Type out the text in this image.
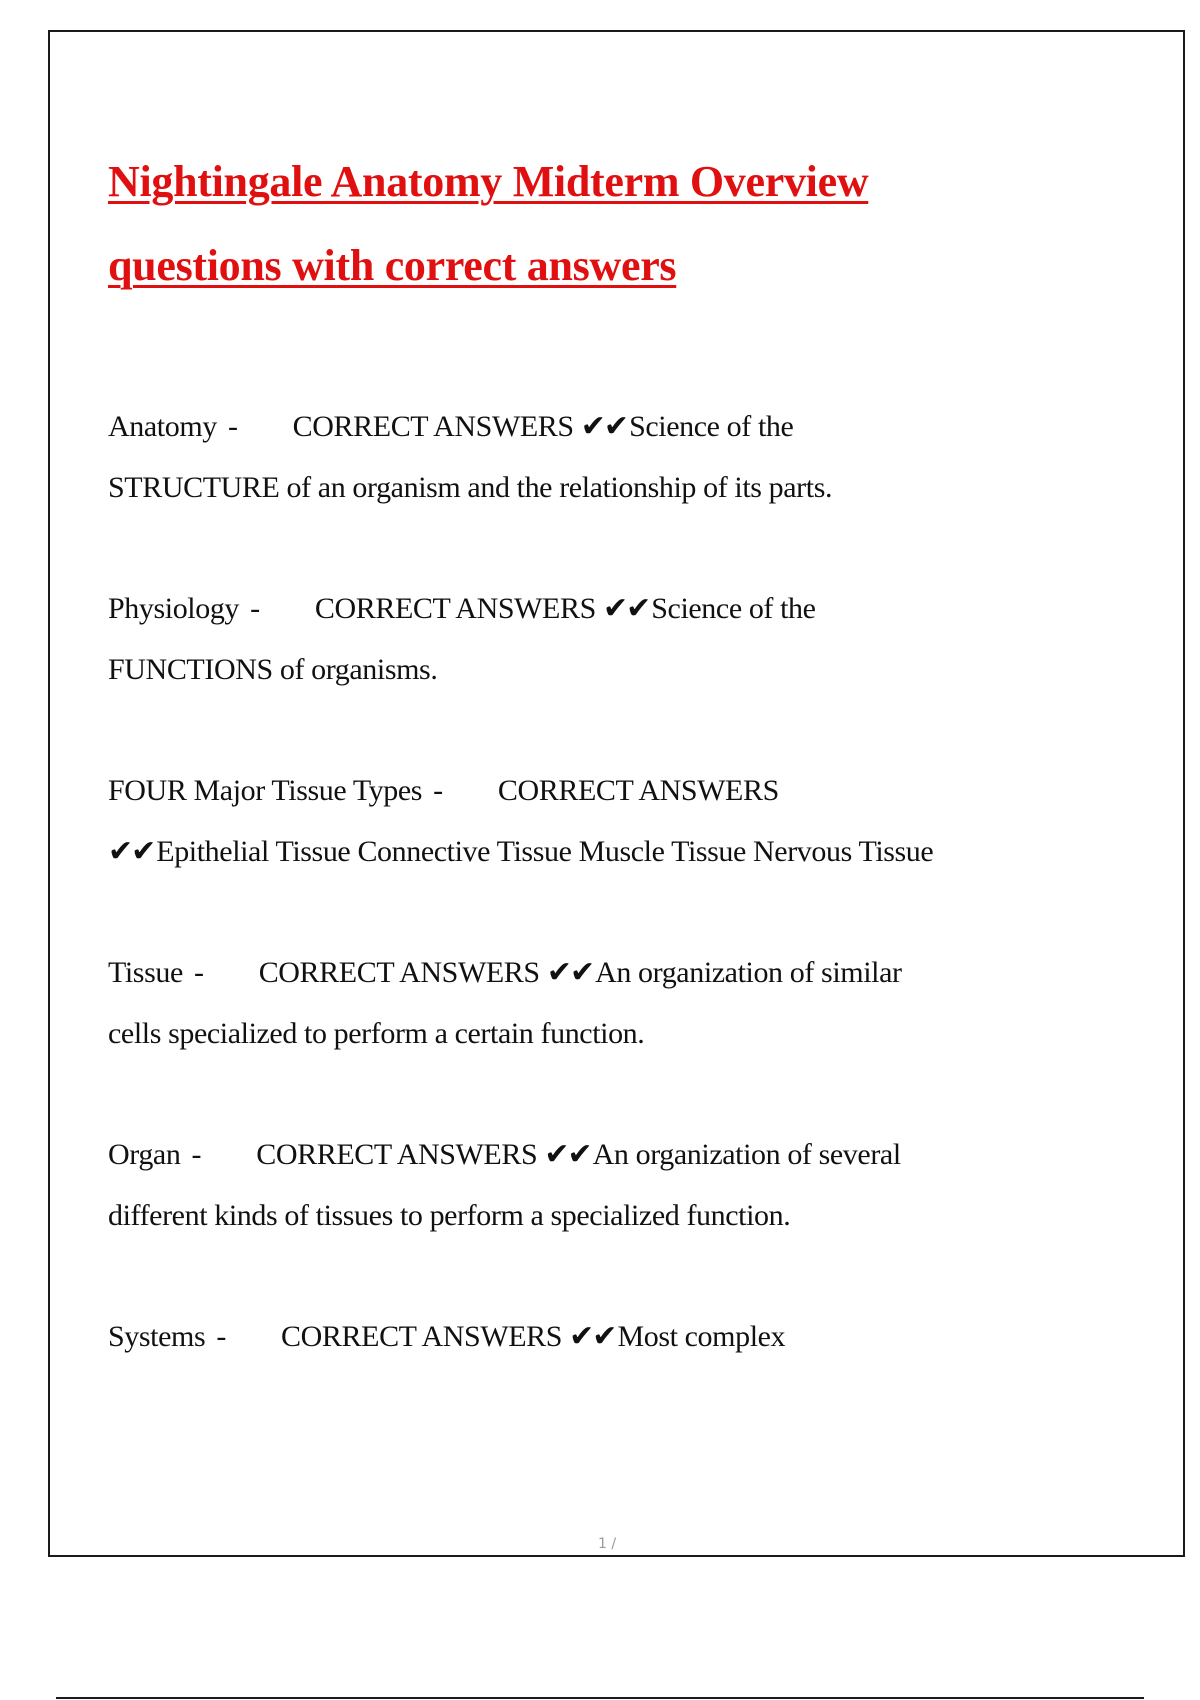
Nightingale Anatomy Midterm Overview

questions with correct answers

Anatomy - CORRECT ANSWERS ✔✔Science of the
STRUCTURE of an organism and the relationship of its parts.

Physiology - CORRECT ANSWERS ✔✔Science of the
FUNCTIONS of organisms.

FOUR Major Tissue Types - CORRECT ANSWERS
✔✔Epithelial Tissue Connective Tissue Muscle Tissue Nervous Tissue

Tissue - CORRECT ANSWERS ✔✔An organization of similar
cells specialized to perform a certain function.

Organ - CORRECT ANSWERS ✔✔An organization of several
different kinds of tissues to perform a specialized function.

Systems - CORRECT ANSWERS ✔✔Most complex

1 /
